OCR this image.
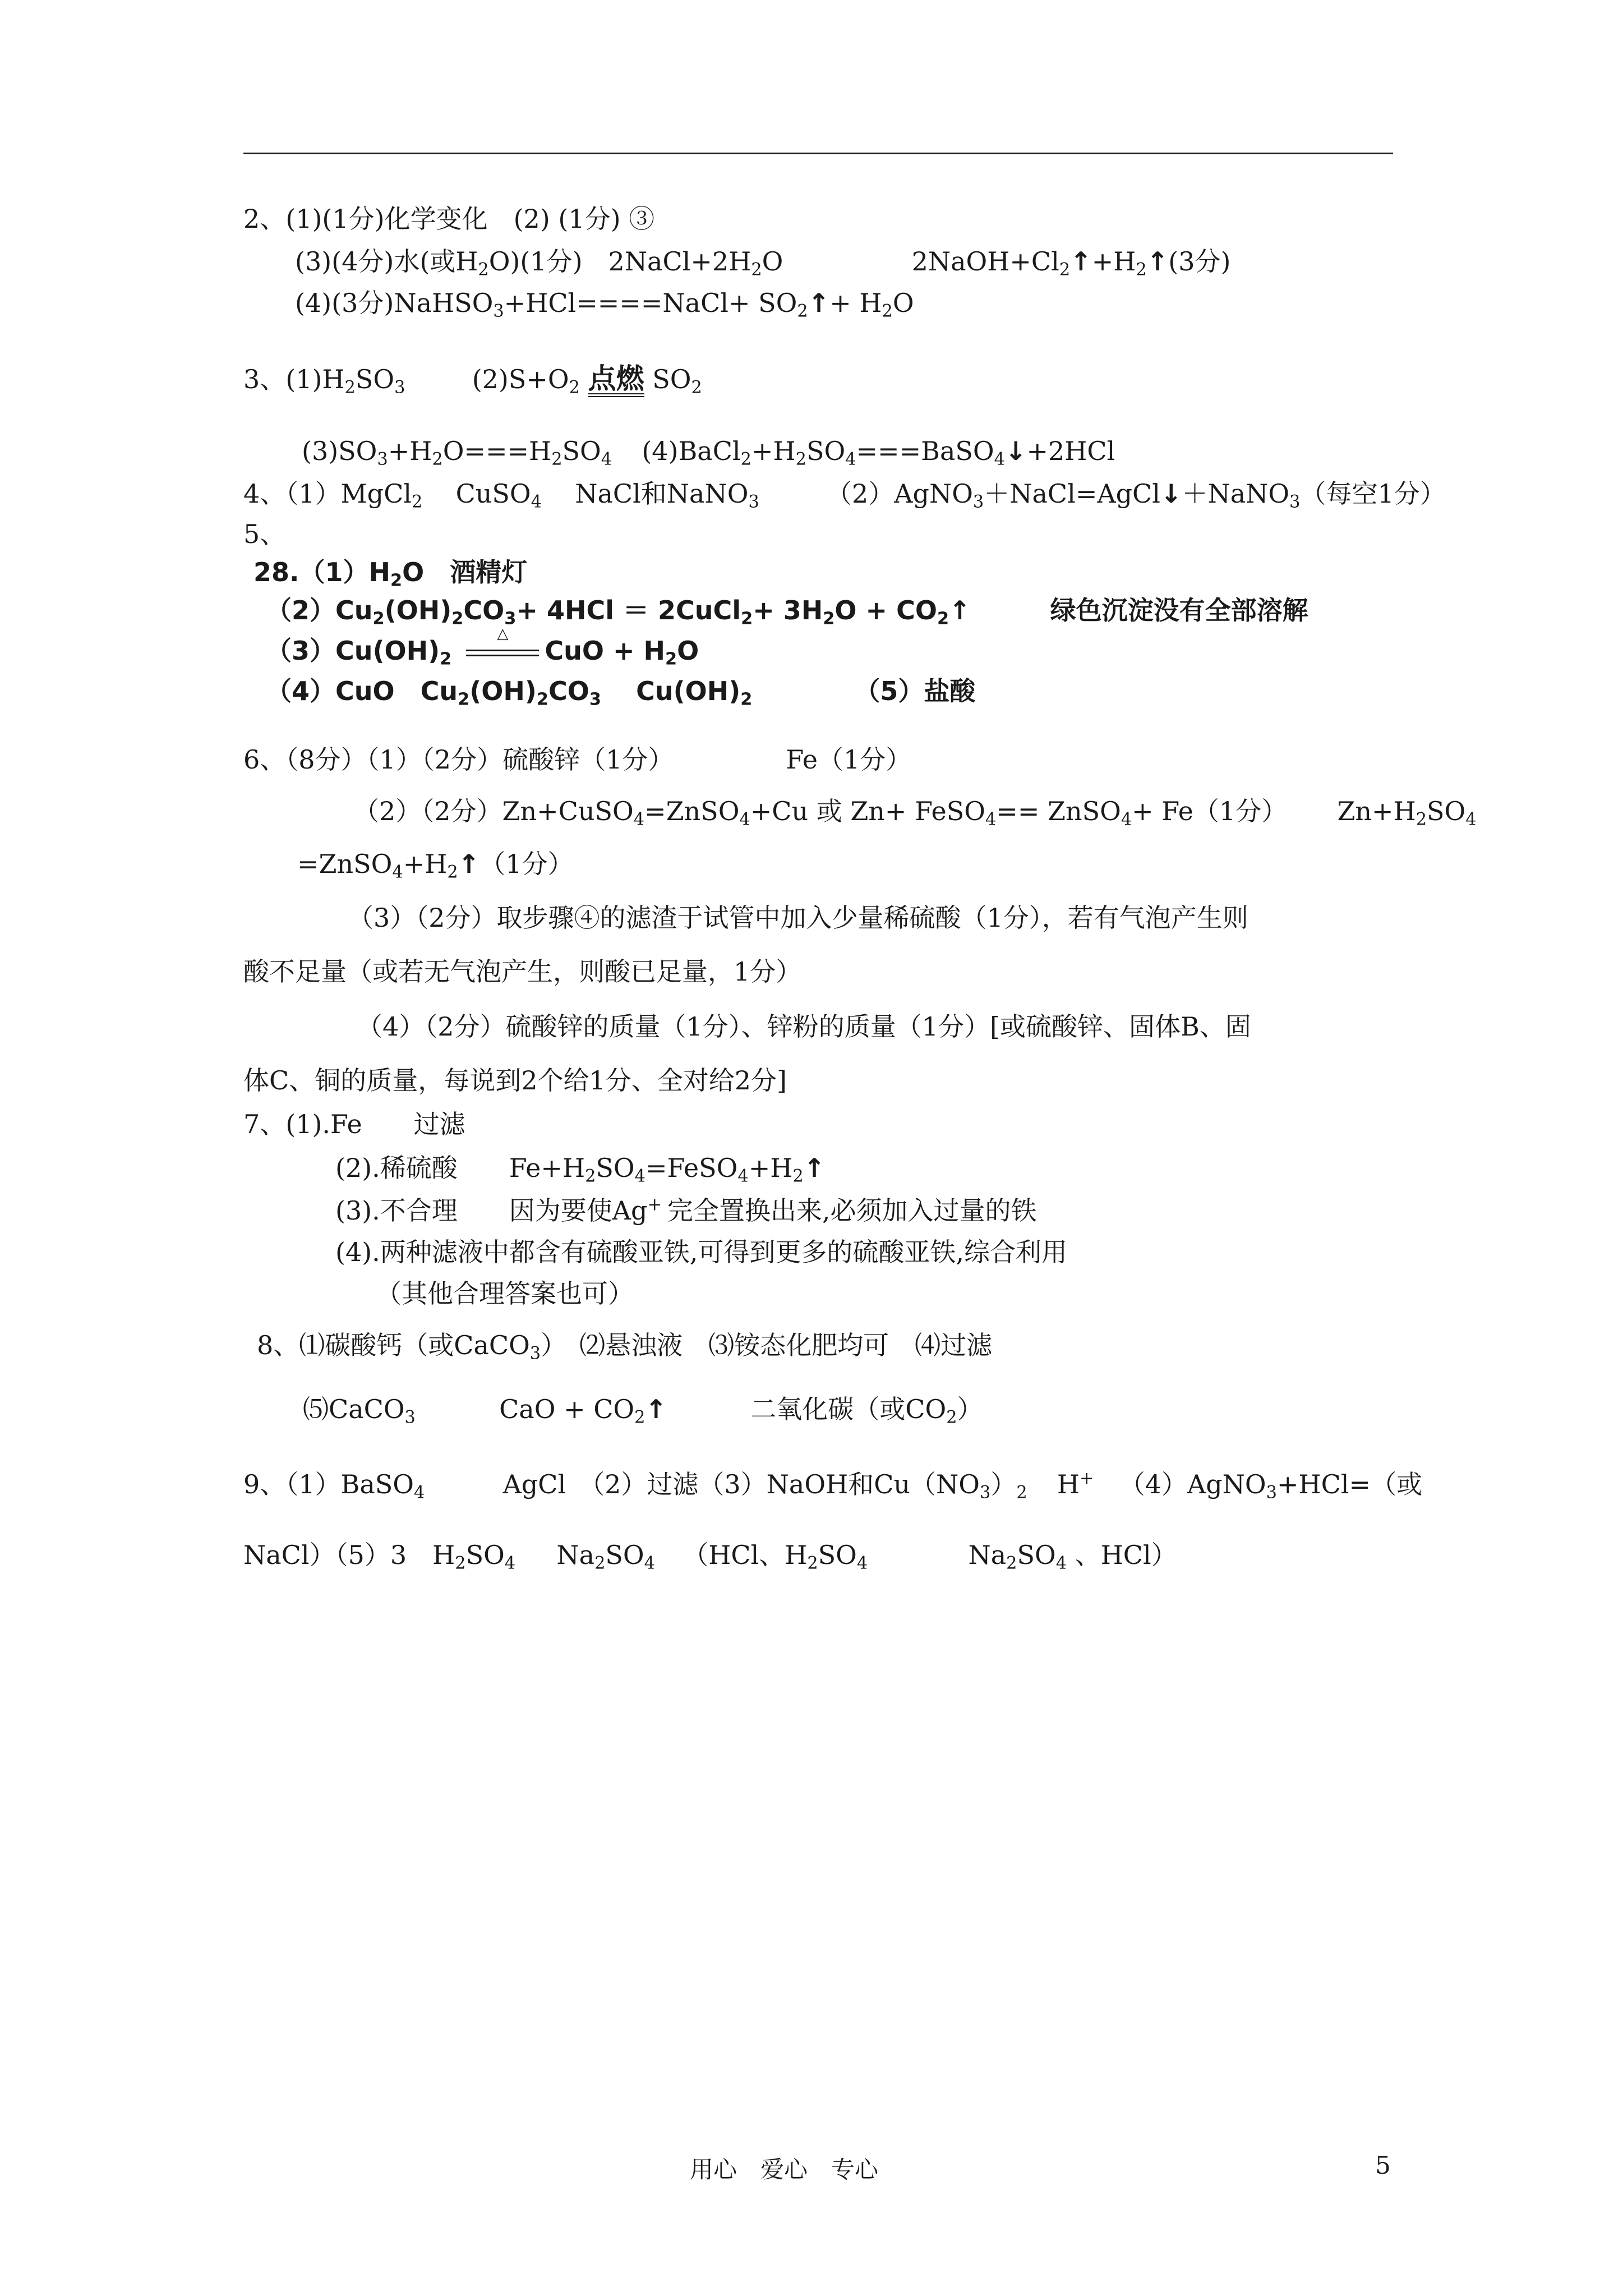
2、(1)(1分)化学变化　(2) (1分) ③
(3)(4分)水(或$H_2O)(1$分)　$2NaCl+2H_2O$	$2NaOH+Cl_2↑+H_2↑(3$分)
(4)(3分)NaHSO$_3$+HCl====NaCl+ $SO_2↑+ H_2O$
3、$(1)H_2SO_3$	$(2)S+O_2$ 点燃 $SO_2$
$(3)SO_3+H_2O===H_2SO_4$ $(4)BaCl_2+H_2SO_4===BaSO_4↓+2HCl$
4、（1）MgCl$_2$ CuSO$_4$ NaCl和NaNO$_3$	（2）AgNO$_3$＋NaCl=AgCl↓＋NaNO$_3$（每空1分）
5、
$28.(1)H_2O$　酒精灯
$(2)Cu_2(OH)_2CO_3+ 4HCl$ ＝ 2CuCl$_2$+ $3H_2O$ + $CO_2↑$	绿色沉淀没有全部溶解
$(3)Cu(OH)_2$
△
CuO + $H_2O$
（4）CuO　$Cu_2(OH)_2CO_3$ $Cu(OH)_2$	（5）盐酸
6、（8分）（1）（2分）硫酸锌（1分）	Fe（1分）
（2）（2分）Zn+CuSO$_4$=ZnSO$_4$+Cu 或 Zn+ FeSO$_4$== ZnSO$_4$+ Fe（1分） $Zn+H_2SO_4$
$=ZnSO_4+H_2↑(1$分）
（3）（2分）取步骤④的滤渣于试管中加入少量稀硫酸（1分），若有气泡产生则
酸不足量（或若无气泡产生，则酸已足量，1分）
（4）（2分）硫酸锌的质量（1分）、锌粉的质量（1分）[或硫酸锌、固体B、固
体C、铜的质量，每说到2个给1分、全对给2分]
7、(1).Fe　　过滤
(2).稀硫酸　　$Fe+H_2SO_4=FeSO_4+H_2↑$
(3).不合理　　因为要使Ag+ 完全置换出来,必须加入过量的铁
(4).两种滤液中都含有硫酸亚铁,可得到更多的硫酸亚铁,综合利用
（其他合理答案也可）
8、⑴碳酸钙（或CaCO$_3$）　⑵悬浊液　⑶铵态化肥均可　⑷过滤
⑸CaCO$_3$	CaO + $CO_2↑$	二氧化碳（或$CO_2$）
9、（1）BaSO$_4$	AgCl　（2）过滤（3）NaOH和$Cu(NO_3)_2$ H+ （4）AgNO$_3$+HCl=（或
NaCl）（5）3　$H_2SO_4$ $Na_2SO_4$ （HCl、$H_2SO_4$	$Na_2SO_4$ 、HCl）
用心　爱心　专心	5
